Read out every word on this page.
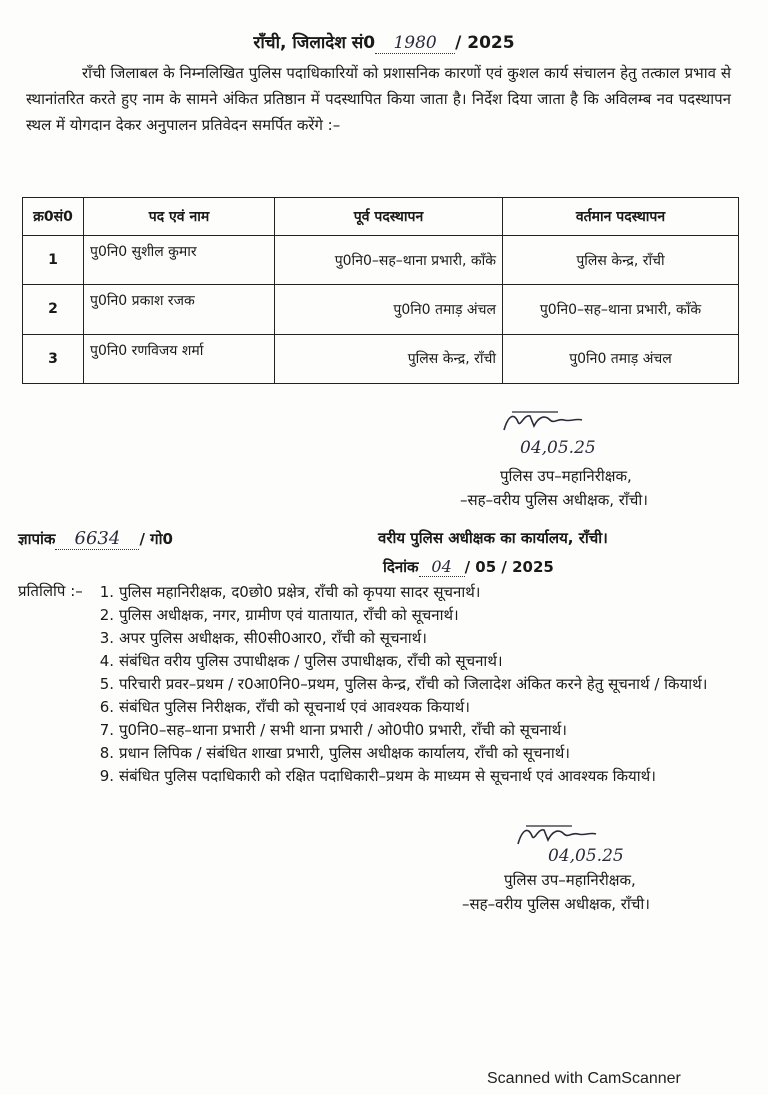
राँची, जिलादेश सं0 1980 / 2025
राँची जिलाबल के निम्नलिखित पुलिस पदाधिकारियों को प्रशासनिक कारणों एवं कुशल कार्य संचालन हेतु तत्काल प्रभाव से स्थानांतरित करते हुए नाम के सामने अंकित प्रतिष्ठान में पदस्थापित किया जाता है। निर्देश दिया जाता है कि अविलम्ब नव पदस्थापन स्थल में योगदान देकर अनुपालन प्रतिवेदन समर्पित करेंगे :–
क्र0सं0	पद एवं नाम	पूर्व पदस्थापन	वर्तमान पदस्थापन
1	पु0नि0 सुशील कुमार	पु0नि0–सह–थाना प्रभारी, काँके	पुलिस केन्द्र, राँची
2	पु0नि0 प्रकाश रजक	पु0नि0 तमाड़ अंचल	पु0नि0–सह–थाना प्रभारी, काँके
3	पु0नि0 रणविजय शर्मा	पुलिस केन्द्र, राँची	पु0नि0 तमाड़ अंचल
04,05.25
पुलिस उप–महानिरीक्षक,
–सह–वरीय पुलिस अधीक्षक, राँची।
ज्ञापांक 6634 / गो0	वरीय पुलिस अधीक्षक का कार्यालय, राँची।
दिनांक 04 / 05 / 2025
प्रतिलिपि :–	1. पुलिस महानिरीक्षक, द0छो0 प्रक्षेत्र, राँची को कृपया सादर सूचनार्थ।
2. पुलिस अधीक्षक, नगर, ग्रामीण एवं यातायात, राँची को सूचनार्थ।
3. अपर पुलिस अधीक्षक, सी0सी0आर0, राँची को सूचनार्थ।
4. संबंधित वरीय पुलिस उपाधीक्षक / पुलिस उपाधीक्षक, राँची को सूचनार्थ।
5. परिचारी प्रवर–प्रथम / र0आ0नि0–प्रथम, पुलिस केन्द्र, राँची को जिलादेश अंकित करने हेतु सूचनार्थ / कियार्थ।
6. संबंधित पुलिस निरीक्षक, राँची को सूचनार्थ एवं आवश्यक कियार्थ।
7. पु0नि0–सह–थाना प्रभारी / सभी थाना प्रभारी / ओ0पी0 प्रभारी, राँची को सूचनार्थ।
8. प्रधान लिपिक / संबंधित शाखा प्रभारी, पुलिस अधीक्षक कार्यालय, राँची को सूचनार्थ।
9. संबंधित पुलिस पदाधिकारी को रक्षित पदाधिकारी–प्रथम के माध्यम से सूचनार्थ एवं आवश्यक कियार्थ।
04,05.25
पुलिस उप–महानिरीक्षक,
–सह–वरीय पुलिस अधीक्षक, राँची।
Scanned with CamScanner
